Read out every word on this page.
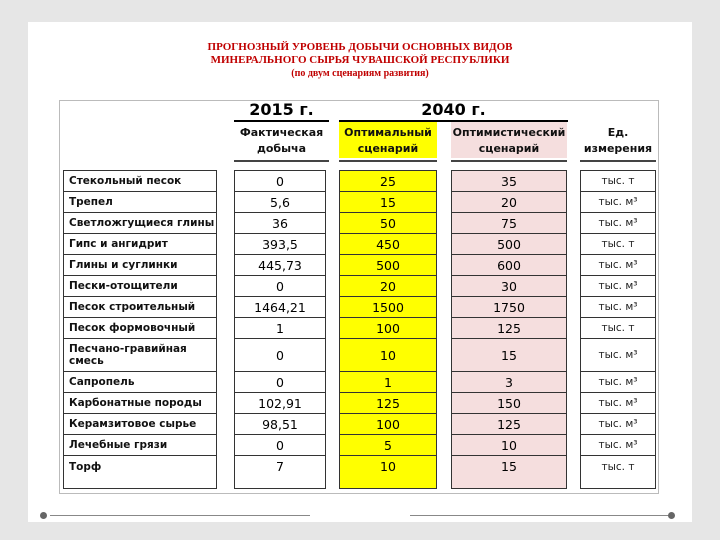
ПРОГНОЗНЫЙ УРОВЕНЬ ДОБЫЧИ ОСНОВНЫХ ВИДОВ
МИНЕРАЛЬНОГО СЫРЬЯ ЧУВАШСКОЙ РЕСПУБЛИКИ
(по двум сценариям развития)
2015 г.	2040 г.
Фактическая
добыча
Оптимальный
сценарий
Оптимистический
сценарий
Ед.
измерения
Стекольный песок
Трепел
Светложгущиеся глины
Гипс и ангидрит
Глины и суглинки
Пески-отощители
Песок строительный
Песок формовочный
Песчано-гравийная смесь
Сапропель
Карбонатные породы
Керамзитовое сырье
Лечебные грязи
Торф
0
5,6
36
393,5
445,73
0
1464,21
1
0
0
102,91
98,51
0
7
25
15
50
450
500
20
1500
100
10
1
125
100
5
10
35
20
75
500
600
30
1750
125
15
3
150
125
10
15
тыс. т
тыс. м³
тыс. м³
тыс. т
тыс. м³
тыс. м³
тыс. м³
тыс. т
тыс. м³
тыс. м³
тыс. м³
тыс. м³
тыс. м³
тыс. т
